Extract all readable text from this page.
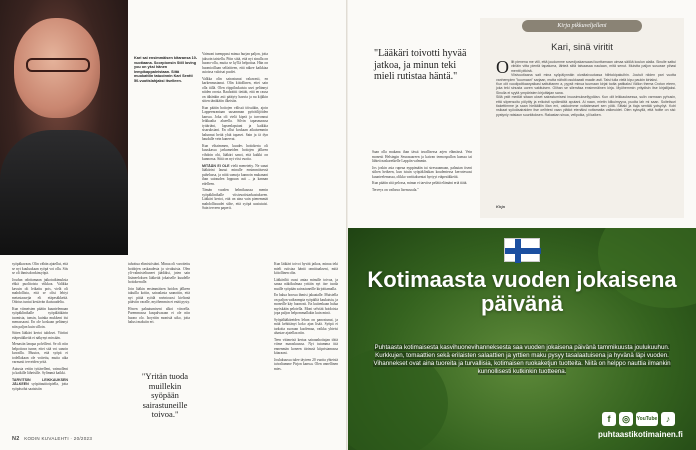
Kari sai ensimmäisen kitaransa 10-vuotiaana. Scorpionsin Still loving you on yksi hänen lempikappaleistaan. Siitä muokattiin tatuoinnin Kari Sentti 50-vuotislahjaksi itselleen.

syöpäkavaan. Olin vähän ajatellut, että se nyt kuuluukaan syöpä voi olla. Siis se oli ihmisolonkinsyöpä.

Joudun odottamaan jatkotutkimuksia ehkä puolitoista viikkoa. Valikka kavuin oli leikattu pois, vielä oli mahdollista, että se olisi lehtyt metastaasejia eli etäpesäkkeitä. Odotus tuntui kestävän ikuisuudelta.

Kun viimeisten päätin kuuntelemaan syöpäklinikalle syöpälääkärin tuomista, tunsin, kuinka mukkeni itsi menassaani. En ole koskaan pelännyt niin paljon kuin silloin.

Sitten lääkäri kertoi tulokset. Vitriini etäpesäkkeitä ei näkynyt missään.

Menastin lanqua polvilleni. Se oli niin helpottava tunne, ettei sitä voi sanoin kuvailla. Muutos, että syöpä ei todellakaan ole voitettu, mutta aika varmasti terveiden yritä.

Autusta veitin tyttärelleni, vaimolleni ja kaikille läheisille. Sylimmä kaikki.

TARVITSIN LEIKKAUKSEN JÄLKEEN syöpätautitoipiella, jotta syöpäsolut saataisiin

tuhottua elimistöstäni. Minua oli varoitettu hoidojen raskaudesta ja sivukuista. Olen yli-valmisteltuneet jäädäksi, joten sain lisäneeloksen lääkettä jokaiselle kuudelle hoitokerralle.

Join lääkin ensimmäisen hoidon jälkeen takuilla koitin, sairaalasta saanottin, että nyt pitää syödä ravintoaosi kieltonä pitäviin varalle, myöhemmin et enää pysty.

Hiwen palautumiseni alkoi vitroella. Paremmassa kuspalvasaan ei ole niin huono olo. Isoyritin monistä uiko, joita halusi maksiin eri.

"Yritän tuoda muillekin syöpään sairastuneille toivoa."

Vaimoni tuemppasi minua hurjan paljon, jotta jaksoin taistella. Pitin siitä, että nyt sinulla on huono-olla, mutta se ky'llä helpottaa. Hän on huomioillaan selfaitteen, että näkee kaikkiaa asioissa valoisat puolet.

Valkka olin sairastunut vakavasti, en karkennustanut. Olin kiitollinen, ettei sain olla tällä. Olen riippilaskuista usei pelännyt niiden orosta. Rauhoittti tietäät, että en rausa on tähänkin asti päätyty haavia ja nu kijkkin sitten tänäkäiin ilkeisiin.

Kun päätin hoitojen välissä töissäkin, ajoin Lappeenrantaan uusamman pyöräilijöiden kanssa. Joka oli vielä kipeä ja turvonnut leikkaalta alueella. Silvin tapasmaassa tyttäriäni, lapsenlapsiani ja kaikkia sisaruksiani. En ollut koskaan aikaisemmin halunnut heitä yhtä tapaset. Sain ja iä dyn haudalle vein kanervat.

Kun vihaimmen, kuudes hoitokerta oli kuuskassa jarkumeiden hoitojen jälkeen vihdoin ohi, lääkäri sanoi, että kaikki on kunnossa. Siitä on nyt viisi vuotta.

MITÄÄN EI OLE vielä menetetty. Ne sanat lääkärini lausui minulle ensimmäisessä puhelussa, ja niitä samoja kannoin mukanani ihan sairauden loppuun asti – ja kannan edelleen.

Tämän vuoden helmikuussa menin syöpäklinikalle viisivuotistarkastukseen. Lääkäri kertoi, että on aina vain pienemmät mahdollisuudet siihe, että syöpä uusiutuisi. Sain terveen paperit.

Kun lääkäri toivoi hyvää jatkoa, minua teki mieli rutistaa häntä onnittaakseni, mitä kiitollinen olin.

Lääkäriltä osasi antaa minulle toivoa, ja sanaa näkökulmaa yrttäin nyt itse tuoda muille syöpään sairastuneille kirjoittamalla.

En halua hoossa ihmisi jakaatalle. Muistella on paljon vaikeampia syöpäiltä kaukaisia, ja moneille käy huonosti. En kuitenkaan halua myöskään pelotella. Moni selviää hoidoista jopa paljon helpommallakin kuin minä.

Syöpälääkäreiden lehon on panostunut, ja mitä kehittänyt koko ajan lisää. Syöpä ei tarkoita suoraan kuolemaa, vaikka yhteisi ahastae ajatellaa niin.

Teen vitimeisä kertaa sairaanhoitajan töitä viime maraskuussa. Nyt tutumma ittä ennenmän koneen tärinssä kiipristamassa kitaraani.

Joulukuussa tulee täyteen 20 vuotta yhteistä taivaltamme Pirjon kanssa. Olen onnellinen mies.

N2 KODIN KUVALEHTI · 20/2023
"Lääkäri toivotti hyvää jatkoa, ja minun teki mieli rutistaa häntä."

Saan olla mukana ihan tässä tavallisessa arjen elämässä. Vein monesti Helsingin Seurasaareen ja kaivan termospullon kanssa tai lähteä naskaretkelle Lappiin valmmin.

Jos joskin asia rupeaa nyppimään tai stressaamaan, palautan itseni siihen hetkeen, kun istuin syöpäklinikan koudentessa kerrotessasi kuunteelemassa, olikko varittaksentai hyrtyyt etäpesäkkeitä.

Kun päätin sitä pelossa, minun ei tarvitse pelätä elämäni eriä tiätä.

Terveys on vaihava lisenssoala."

Kirja pikkuveljelleni
Kari, sinä viritit
O llit pienena me viili, että joudumme sovedjoskansaasi kunttamaan uimaa säilöä koulun alalla. Sinulle sattui viiriäin vitta pientä tapatuma, lähteä siitä taivaasaa naulaan, mitä senut. Muistta paljon sususse pihasi mentti pitkinä.

Viisivuotiaana sait mina syöpälynnäin oivaltaivuutussa hiihtokipakulhin. Joutuit niiden pari vuotta vanhempien "kuumaan" sarjaan, mutta nähdit osukkaasti maalin asti. Taisi tulla vielä kipu paukin kirtaksi.

Kun olit vuodipoltkaaryaikasi sattuttanen a, pyysit minua tuumaan kirjat todta pattkaksi Vällon thema Croton eteen, joka teki sinusta uoren vakituisen. Olihan se silemäsa ensimmäinen kirja. Myöhemmin yritydisin itse kirjailijaksi. Sinulla ei syytä ympäristen kirjoittajan sana.

Sillä ystit mediät sitaan ukset sairastumisesi inuusimuksellyydäsn. Kun olit leikkauksessa, sulin varmaan pyhusin, että siipensoitu pölyttiy ja erikoisti sydämiötä aputani. Ai naan, mietin kilkuimyyva, puolta lah mi saan. Soiteiisuri tiakettimme ja saan hieläälliin illan eni, uskkoimme voitabmaset sen yötä. Sittaki ja tiaja sentää yotsyöyt. Kohi nsikaat syöoäsairaiden itse oelhtest vaan ytätiot etenäksi vottamatta valkeuidet. Olen syksyllä, että hoitte on sisi: pystyniy ratsiaun suurkitoksen. Rakastan sinua, velipoika, yli kaiken.

Kirja
Kotimaasta vuoden jokaisena päivänä
Puhtaasta kotimaisesta kasvihuonevihanneksesta saa vuoden jokaisena päivänä tammikuusta joulukuuhun. Kurkkujen, tomaattien sekä erilaisten salaattien ja yrttien maku pysyy tasalaatuisena ja hyvänä läpi vuoden. Vihannekset ovat aina tuoreita ja turvallisia, kotimaisen ruokaketjun tuotteita. Niitä on helppo nauttia ilmankin kunnollisesti kutkinkin tuotteena.
f	◎	YouTube ♪
puhtaastikotimainen.fi
